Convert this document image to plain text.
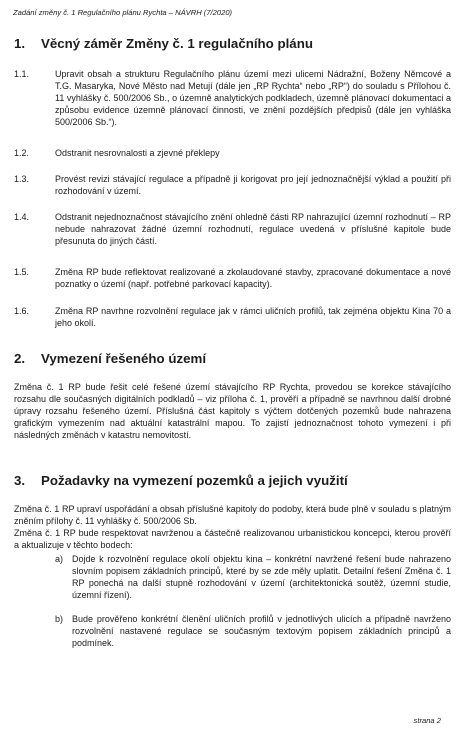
Zadání změny č. 1 Regulačního plánu Rychta – NÁVRH (7/2020)
1. Věcný záměr Změny č. 1 regulačního plánu
1.1.	Upravit obsah a strukturu Regulačního plánu území mezi ulicemi Nádražní, Boženy Němcové a T.G. Masaryka, Nové Město nad Metují (dále jen „RP Rychta“ nebo „RP“) do souladu s Přílohou č. 11 vyhlášky č. 500/2006 Sb., o územně analytických podkladech, územně plánovací dokumentaci a způsobu evidence územně plánovací činnosti, ve znění pozdějších předpisů (dále jen vyhláška 500/2006 Sb.“).
1.2.	Odstranit nesrovnalosti a zjevné překlepy
1.3.	Provést revizi stávající regulace a případně ji korigovat pro její jednoznačnější výklad a použití při rozhodování v území.
1.4.	Odstranit nejednoznačnost stávajícího znění ohledně části RP nahrazující územní rozhodnutí – RP nebude nahrazovat žádné územní rozhodnutí, regulace uvedená v příslušné kapitole bude přesunuta do jiných částí.
1.5.	Změna RP bude reflektovat realizované a zkolaudované stavby, zpracované dokumentace a nové poznatky o území (např. potřebné parkovací kapacity).
1.6.	Změna RP navrhne rozvolnění regulace jak v rámci uličních profilů, tak zejména objektu Kina 70 a jeho okolí.
2. Vymezení řešeného území
Změna č. 1 RP bude řešit celé řešené území stávajícího RP Rychta, provedou se korekce stávajícího rozsahu dle současných digitálních podkladů – viz příloha č. 1, prověří a případně se navrhnou další drobné úpravy rozsahu řešeného území. Příslušná část kapitoly s výčtem dotčených pozemků bude nahrazena grafickým vymezením nad aktuální katastrální mapou. To zajistí jednoznačnost tohoto vymezení i při následných změnách v katastru nemovitostí.
3. Požadavky na vymezení pozemků a jejich využití
Změna č. 1 RP upraví uspořádání a obsah příslušné kapitoly do podoby, která bude plně v souladu s platným zněním přílohy č. 11 vyhlášky č. 500/2006 Sb.
Změna č. 1 RP bude respektovat navrženou a částečně realizovanou urbanistickou koncepci, kterou prověří a aktualizuje v těchto bodech:
a) Dojde k rozvolnění regulace okolí objektu kina – konkrétní navržené řešení bude nahrazeno slovním popisem základních principů, které by se zde měly uplatit. Detailní řešení Změna č. 1 RP ponechá na další stupně rozhodování v území (architektonická soutěž, územní studie, územní řízení).
b) Bude prověřeno konkrétní členění uličních profilů v jednotlivých ulicích a případně navrženo rozvolnění nastavené regulace se současným textovým popisem základních principů a podmínek.
strana 2
